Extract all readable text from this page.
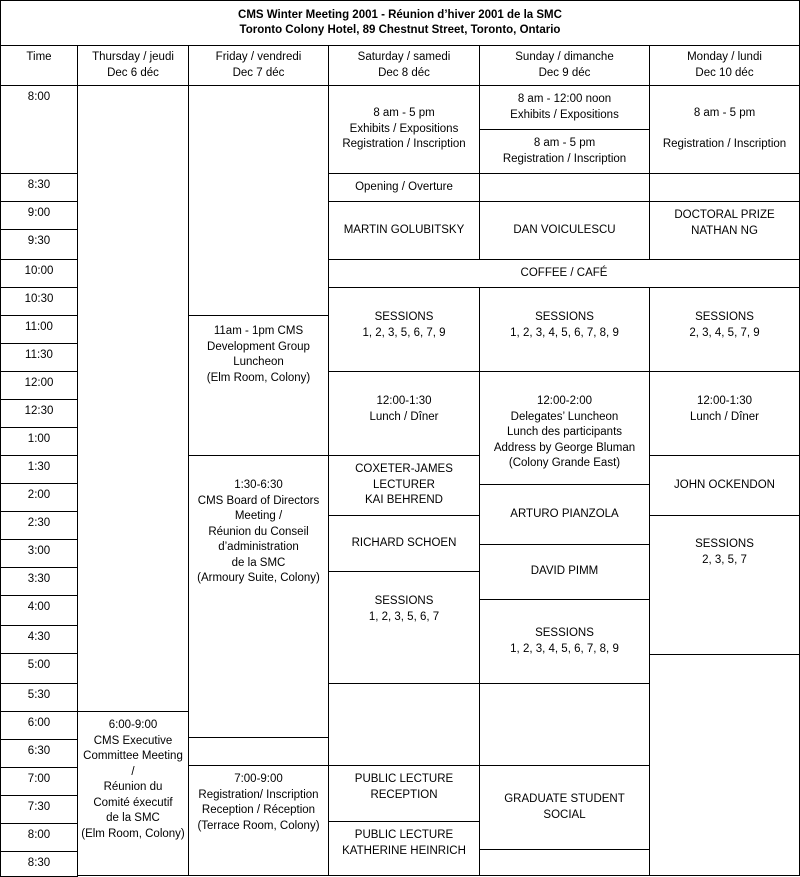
CMS Winter Meeting 2001 - Réunion d’hiver 2001 de la SMC
Toronto Colony Hotel, 89 Chestnut Street, Toronto, Ontario
Time	Thursday / jeudi
Dec 6 déc
Friday / vendredi
Dec 7 déc
Saturday / samedi
Dec 8 déc
Sunday / dimanche
Dec 9 déc
Monday / lundi
Dec 10 déc
8:00
8:30
9:00
9:30
10:00
10:30
11:00
11:30
12:00
12:30
1:00
1:30
2:00
2:30
3:00
3:30
4:00
4:30
5:00
5:30
6:00
6:30
7:00
7:30
8:00
8:30
6:00-9:00
CMS Executive
Committee Meeting
/
Réunion du
Comité éxecutif
de la SMC
(Elm Room, Colony)
11am - 1pm CMS
Development Group
Luncheon
(Elm Room, Colony)
1:30-6:30
CMS Board of Directors
Meeting /
Réunion du Conseil
d’administration
de la SMC
(Armoury Suite, Colony)
7:00-9:00
Registration/ Inscription
Reception / Réception
(Terrace Room, Colony)
8 am - 5 pm
Exhibits / Expositions
Registration / Inscription
Opening / Overture
MARTIN GOLUBITSKY
SESSIONS
1, 2, 3, 5, 6, 7, 9
12:00-1:30
Lunch / Dîner
COXETER-JAMES
LECTURER
KAI BEHREND
RICHARD SCHOEN
SESSIONS
1, 2, 3, 5, 6, 7
PUBLIC LECTURE
RECEPTION
PUBLIC LECTURE
KATHERINE HEINRICH
8 am - 12:00 noon
Exhibits / Expositions
8 am - 5 pm
Registration / Inscription
DAN VOICULESCU
SESSIONS
1, 2, 3, 4, 5, 6, 7, 8, 9
12:00-2:00
Delegates’ Luncheon
Lunch des participants
Address by George Bluman
(Colony Grande East)
ARTURO PIANZOLA
DAVID PIMM
SESSIONS
1, 2, 3, 4, 5, 6, 7, 8, 9
GRADUATE STUDENT
SOCIAL
8 am - 5 pm

Registration / Inscription
DOCTORAL PRIZE
NATHAN NG
SESSIONS
2, 3, 4, 5, 7, 9
12:00-1:30
Lunch / Dîner
JOHN OCKENDON
SESSIONS
2, 3, 5, 7
COFFEE / CAFÉ
